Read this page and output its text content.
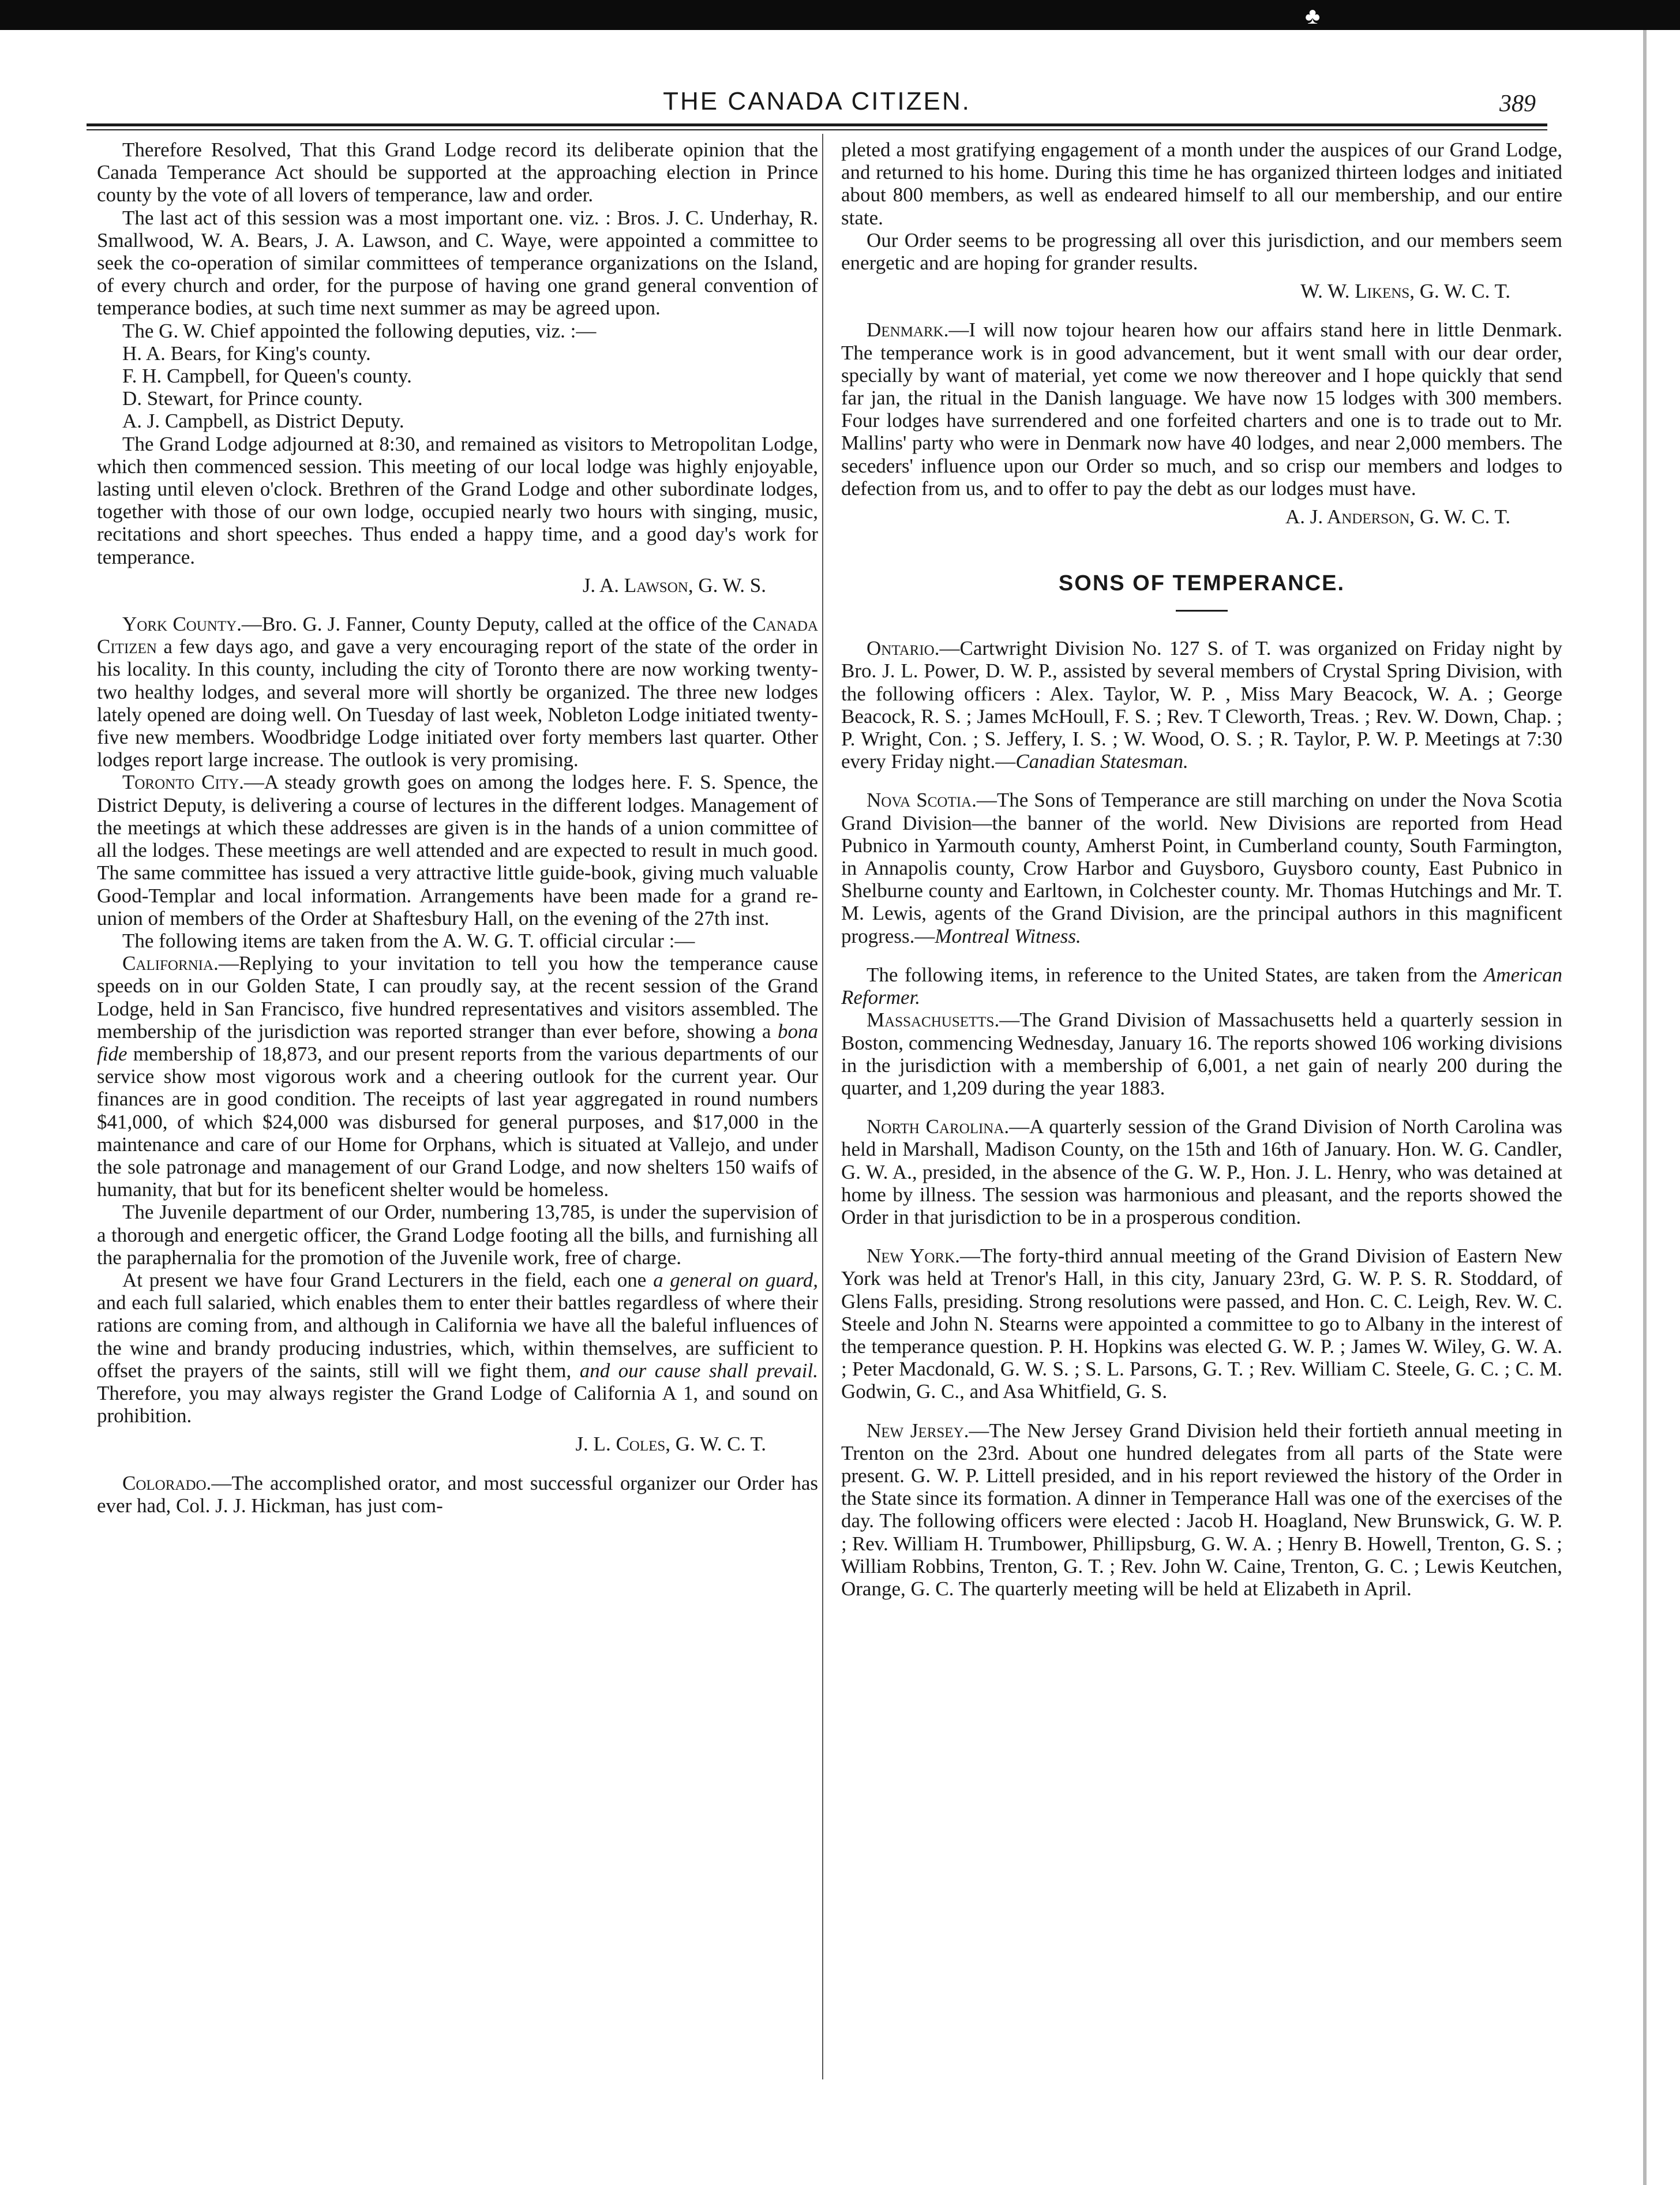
♣
THE CANADA CITIZEN.	389

Therefore Resolved, That this Grand Lodge record its deliberate opinion that the Canada Temperance Act should be supported at the approaching election in Prince county by the vote of all lovers of temperance, law and order.

The last act of this session was a most important one. viz. : Bros. J. C. Underhay, R. Smallwood, W. A. Bears, J. A. Lawson, and C. Waye, were appointed a committee to seek the co-operation of similar committees of temperance organizations on the Island, of every church and order, for the purpose of having one grand general convention of temperance bodies, at such time next summer as may be agreed upon.

The G. W. Chief appointed the following deputies, viz. :—

H. A. Bears, for King's county.

F. H. Campbell, for Queen's county.

D. Stewart, for Prince county.

A. J. Campbell, as District Deputy.

The Grand Lodge adjourned at 8:30, and remained as visitors to Metropolitan Lodge, which then commenced session. This meeting of our local lodge was highly enjoyable, lasting until eleven o'clock. Brethren of the Grand Lodge and other subordinate lodges, together with those of our own lodge, occupied nearly two hours with singing, music, recitations and short speeches. Thus ended a happy time, and a good day's work for temperance.

J. A. Lawson, G. W. S.

York County.—Bro. G. J. Fanner, County Deputy, called at the office of the Canada Citizen a few days ago, and gave a very encouraging report of the state of the order in his locality. In this county, including the city of Toronto there are now working twenty-two healthy lodges, and several more will shortly be organized. The three new lodges lately opened are doing well. On Tuesday of last week, Nobleton Lodge initiated twenty-five new members. Woodbridge Lodge initiated over forty members last quarter. Other lodges report large increase. The outlook is very promising.

Toronto City.—A steady growth goes on among the lodges here. F. S. Spence, the District Deputy, is delivering a course of lectures in the different lodges. Management of the meetings at which these addresses are given is in the hands of a union committee of all the lodges. These meetings are well attended and are expected to result in much good. The same committee has issued a very attractive little guide-book, giving much valuable Good-Templar and local information. Arrangements have been made for a grand re-union of members of the Order at Shaftesbury Hall, on the evening of the 27th inst.

The following items are taken from the A. W. G. T. official circular :—

California.—Replying to your invitation to tell you how the temperance cause speeds on in our Golden State, I can proudly say, at the recent session of the Grand Lodge, held in San Francisco, five hundred representatives and visitors assembled. The membership of the jurisdiction was reported stranger than ever before, showing a bona fide membership of 18,873, and our present reports from the various departments of our service show most vigorous work and a cheering outlook for the current year. Our finances are in good condition. The receipts of last year aggregated in round numbers $41,000, of which $24,000 was disbursed for general purposes, and $17,000 in the maintenance and care of our Home for Orphans, which is situated at Vallejo, and under the sole patronage and management of our Grand Lodge, and now shelters 150 waifs of humanity, that but for its beneficent shelter would be homeless.

The Juvenile department of our Order, numbering 13,785, is under the supervision of a thorough and energetic officer, the Grand Lodge footing all the bills, and furnishing all the paraphernalia for the promotion of the Juvenile work, free of charge.

At present we have four Grand Lecturers in the field, each one a general on guard, and each full salaried, which enables them to enter their battles regardless of where their rations are coming from, and although in California we have all the baleful influences of the wine and brandy producing industries, which, within themselves, are sufficient to offset the prayers of the saints, still will we fight them, and our cause shall prevail. Therefore, you may always register the Grand Lodge of California A 1, and sound on prohibition.

J. L. Coles, G. W. C. T.

Colorado.—The accomplished orator, and most successful organizer our Order has ever had, Col. J. J. Hickman, has just com-

pleted a most gratifying engagement of a month under the auspices of our Grand Lodge, and returned to his home. During this time he has organized thirteen lodges and initiated about 800 members, as well as endeared himself to all our membership, and our entire state.

Our Order seems to be progressing all over this jurisdiction, and our members seem energetic and are hoping for grander results.

W. W. Likens, G. W. C. T.

Denmark.—I will now tojour hearen how our affairs stand here in little Denmark. The temperance work is in good advancement, but it went small with our dear order, specially by want of material, yet come we now thereover and I hope quickly that send far jan, the ritual in the Danish language. We have now 15 lodges with 300 members. Four lodges have surrendered and one forfeited charters and one is to trade out to Mr. Mallins' party who were in Denmark now have 40 lodges, and near 2,000 members. The seceders' influence upon our Order so much, and so crisp our members and lodges to defection from us, and to offer to pay the debt as our lodges must have.

A. J. Anderson, G. W. C. T.

SONS OF TEMPERANCE.

Ontario.—Cartwright Division No. 127 S. of T. was organized on Friday night by Bro. J. L. Power, D. W. P., assisted by several members of Crystal Spring Division, with the following officers : Alex. Taylor, W. P. , Miss Mary Beacock, W. A. ; George Beacock, R. S. ; James McHoull, F. S. ; Rev. T Cleworth, Treas. ; Rev. W. Down, Chap. ; P. Wright, Con. ; S. Jeffery, I. S. ; W. Wood, O. S. ; R. Taylor, P. W. P. Meetings at 7:30 every Friday night.—Canadian Statesman.

Nova Scotia.—The Sons of Temperance are still marching on under the Nova Scotia Grand Division—the banner of the world. New Divisions are reported from Head Pubnico in Yarmouth county, Amherst Point, in Cumberland county, South Farmington, in Annapolis county, Crow Harbor and Guysboro, Guysboro county, East Pubnico in Shelburne county and Earltown, in Colchester county. Mr. Thomas Hutchings and Mr. T. M. Lewis, agents of the Grand Division, are the principal authors in this magnificent progress.—Montreal Witness.

The following items, in reference to the United States, are taken from the American Reformer.

Massachusetts.—The Grand Division of Massachusetts held a quarterly session in Boston, commencing Wednesday, January 16. The reports showed 106 working divisions in the jurisdiction with a membership of 6,001, a net gain of nearly 200 during the quarter, and 1,209 during the year 1883.

North Carolina.—A quarterly session of the Grand Division of North Carolina was held in Marshall, Madison County, on the 15th and 16th of January. Hon. W. G. Candler, G. W. A., presided, in the absence of the G. W. P., Hon. J. L. Henry, who was detained at home by illness. The session was harmonious and pleasant, and the reports showed the Order in that jurisdiction to be in a prosperous condition.

New York.—The forty-third annual meeting of the Grand Division of Eastern New York was held at Trenor's Hall, in this city, January 23rd, G. W. P. S. R. Stoddard, of Glens Falls, presiding. Strong resolutions were passed, and Hon. C. C. Leigh, Rev. W. C. Steele and John N. Stearns were appointed a committee to go to Albany in the interest of the temperance question. P. H. Hopkins was elected G. W. P. ; James W. Wiley, G. W. A. ; Peter Macdonald, G. W. S. ; S. L. Parsons, G. T. ; Rev. William C. Steele, G. C. ; C. M. Godwin, G. C., and Asa Whitfield, G. S.

New Jersey.—The New Jersey Grand Division held their fortieth annual meeting in Trenton on the 23rd. About one hundred delegates from all parts of the State were present. G. W. P. Littell presided, and in his report reviewed the history of the Order in the State since its formation. A dinner in Temperance Hall was one of the exercises of the day. The following officers were elected : Jacob H. Hoagland, New Brunswick, G. W. P. ; Rev. William H. Trumbower, Phillipsburg, G. W. A. ; Henry B. Howell, Trenton, G. S. ; William Robbins, Trenton, G. T. ; Rev. John W. Caine, Trenton, G. C. ; Lewis Keutchen, Orange, G. C. The quarterly meeting will be held at Elizabeth in April.
